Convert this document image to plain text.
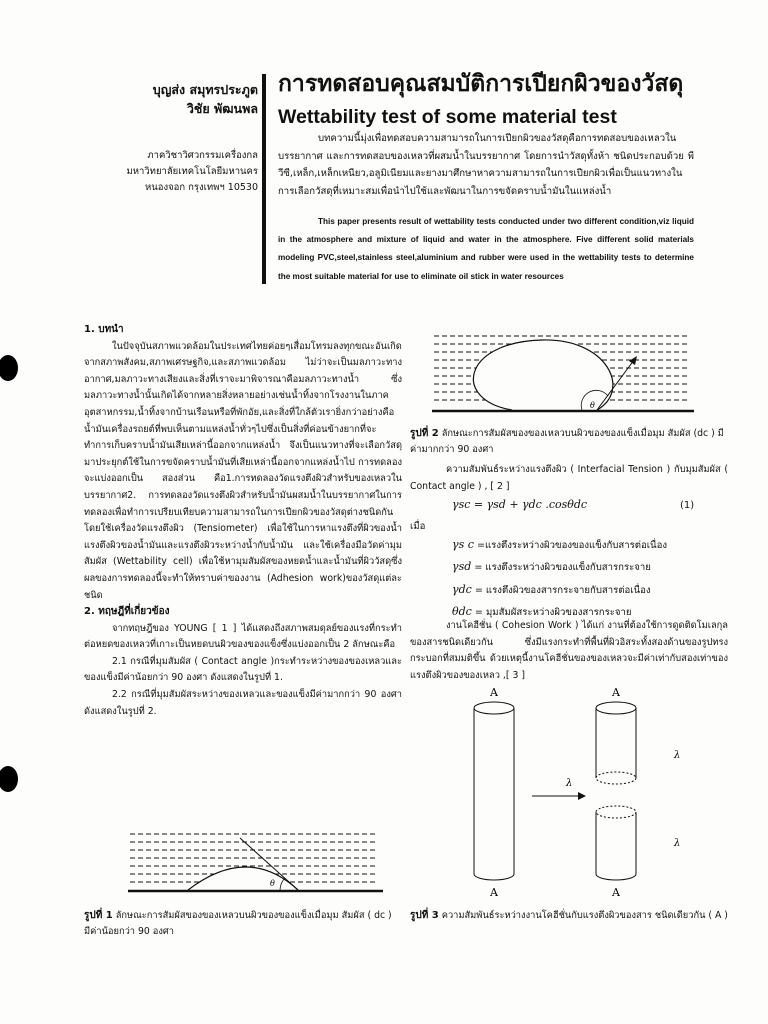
บุญส่ง สมุทรประภูต
วิชัย พัฒนพล
ภาควิชาวิศวกรรมเครื่องกล
มหาวิทยาลัยเทคโนโลยีมหานคร
หนองจอก กรุงเทพฯ 10530
การทดสอบคุณสมบัติการเปียกผิวของวัสดุ
Wettability test of some material test
บทความนี้มุ่งเพื่อทดสอบความสามารถในการเปียกผิวของวัสดุคือการทดสอบของเหลวในบรรยากาศ และการทดสอบของเหลวที่ผสมน้ำในบรรยากาศ โดยการนำวัสดุทั้งห้า ชนิดประกอบด้วย พีวีซี,เหล็ก,เหล็กเหนียว,อลูมิเนียมและยางมาศึกษาหาความสามารถในการเปียกผิวเพื่อเป็นแนวทางในการเลือกวัสดุที่เหมาะสมเพื่อนำไปใช้และพัฒนาในการขจัดคราบน้ำมันในแหล่งน้ำ
This paper presents result of wettability tests conducted under two different condition,viz liquid in the atmosphere and mixture of liquid and water in the atmosphere. Five different solid materials modeling PVC,steel,stainless steel,aluminium and rubber were used in the wettability tests to determine the most suitable material for use to eliminate oil stick in water resources

1. บทนำ

ในปัจจุบันสภาพแวดล้อมในประเทศไทยค่อยๆเสื่อมโทรมลงทุกขณะอันเกิดจากสภาพสังคม,สภาพเศรษฐกิจ,และสภาพแวดล้อม ไม่ว่าจะเป็นมลภาวะทางอากาศ,มลภาวะทางเสียงและสิ่งที่เราจะมาพิจารณาคือมลภาวะทางน้ำ ซึ่งมลภาวะทางน้ำนั้นเกิดได้จากหลายสิ่งหลายอย่างเช่นน้ำทิ้งจากโรงงานในภาคอุตสาหกรรม,น้ำทิ้งจากบ้านเรือนหรือที่พักอัย,และสิ่งที่ใกล้ตัวเรายิ่งกว่าอย่างคือน้ำมันเครื่องรถยต์ที่พบเห็นตามแหล่งน้ำทั่วๆไปซึ่งเป็นสิ่งที่ค่อนข้างยากที่จะทำการเก็บคราบน้ำมันเสียเหล่านี้ออกจากแหล่งน้ำ จึงเป็นแนวทางที่จะเลือกวัสดุมาประยุกต์ใช้ในการขจัดคราบน้ำมันที่เสียเหล่านี้ออกจากแหล่งน้ำไป การทดลองจะแบ่งออกเป็น สองส่วน คือ1.การทดลองวัดแรงตึงผิวสำหรับของเหลวในบรรยากาศ2. การทดลองวัดแรงตึงผิวสำหรับน้ำมันผสมน้ำในบรรยากาศในการทดลองเพื่อทำการเปรียบเทียบความสามารถในการเปียกผิวของวัสดุต่างชนิดกันโดยใช้เครื่องวัดแรงตึงผิว (Tensiometer) เพื่อใช้ในการหาแรงตึงที่ผิวของน้ำ แรงตึงผิวของน้ำมันและแรงตึงผิวระหว่างน้ำกับน้ำมัน และใช้เครื่องมือวัดค่ามุมสัมผัส (Wettability cell) เพื่อใช้หามุมสัมผัสของหยดน้ำและน้ำมันที่ผิววัสดุซึ่งผลของการทดลองนี้จะทำให้ทราบค่าของงาน (Adhesion work)ของวัสดุแต่ละชนิด

2. ทฤษฎีที่เกี่ยวข้อง

จากทฤษฎีของ YOUNG [ 1 ] ได้แสดงถึงสภาพสมดุลย์ของแรงที่กระทำต่อหยดของเหลวที่เกาะเป็นหยดบนผิวของของแข็งซึ่งแบ่งออกเป็น 2 ลักษณะคือ

2.1 กรณีที่มุมสัมผัส ( Contact angle )กระทำระหว่างของของเหลวและของแข็งมีค่าน้อยกว่า 90 องศา ดังแสดงในรูปที่ 1.

2.2 กรณีที่มุมสัมผัสระหว่างของเหลวและของแข็งมีค่ามากกว่า 90 องศา ดังแสดงในรูปที่ 2.

θ
รูปที่ 1 ลักษณะการสัมผัสของของเหลวบนผิวของของแข็งเมื่อมุม สัมผัส ( dc ) มีค่าน้อยกว่า 90 องศา
θ
รูปที่ 2 ลักษณะการสัมผัสของของเหลวบนผิวของของแข็งเมื่อมุม สัมผัส (dc ) มีค่ามากกว่า 90 องศา
ความสัมพันธ์ระหว่างแรงตึงผิว ( Interfacial Tension ) กับมุมสัมผัส ( Contact angle ) , [ 2 ]
γsc = γsd + γdc .cosθdc	(1)
เมื่อ
γs c =แรงตึงระหว่างผิวของของแข็งกับสารต่อเนื่อง
γsd = แรงตึงระหว่างผิวของแข็งกับสารกระจาย
γdc = แรงตึงผิวของสารกระจายกับสารต่อเนื่อง
θdc = มุมสัมผัสระหว่างผิวของสารกระจาย
งานโคฮีชั่น ( Cohesion Work ) ได้แก่ งานที่ต้องใช้การดูดติดโมเลกุลของสารชนิดเดียวกัน ซึ่งมีแรงกระทำที่พื้นที่ผิวอิสระทั้งสองด้านของรูปทรงกระบอกที่สมมติขึ้น ด้วยเหตุนี้งานโคฮีชั่นของของเหลวจะมีค่าเท่ากับสองเท่าของแรงตึงผิวของของเหลว ,[ 3 ]
A	A
λ
λ
λ
A	A
รูปที่ 3 ความสัมพันธ์ระหว่างงานโคฮีชั่นกับแรงตึงผิวของสาร ชนิดเดียวกัน ( A )
